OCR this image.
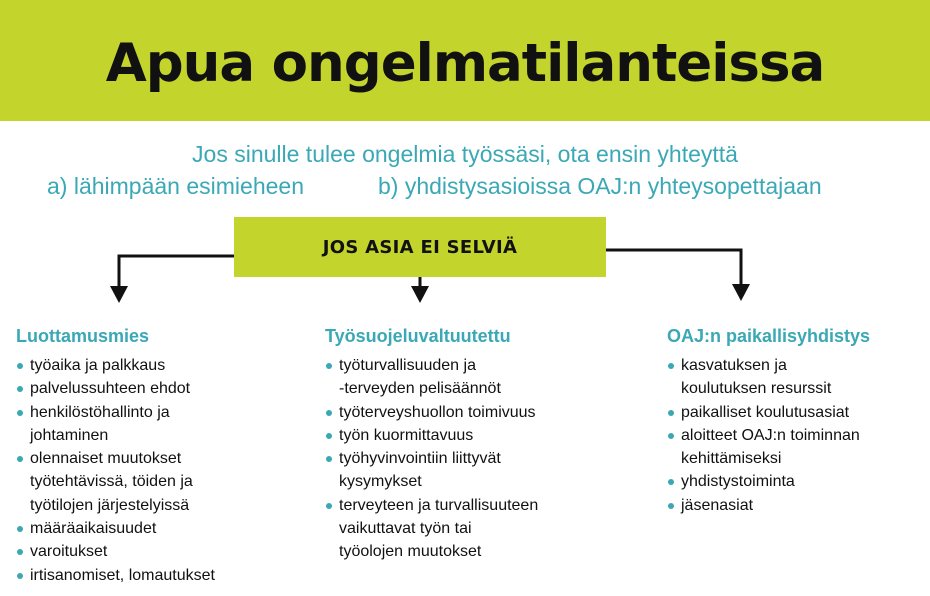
Apua ongelmatilanteissa
Jos sinulle tulee ongelmia työssäsi, ota ensin yhteyttä
a) lähimpään esimieheen	b) yhdistysasioissa OAJ:n yhteysopettajaan
JOS ASIA EI SELVIÄ
Luottamusmies
työaika ja palkkaus
palvelussuhteen ehdot
henkilöstöhallinto ja
johtaminen
olennaiset muutokset
työtehtävissä, töiden ja
työtilojen järjestelyissä
määräaikaisuudet
varoitukset
irtisanomiset, lomautukset
Työsuojeluvaltuutettu
työturvallisuuden ja
-terveyden pelisäännöt
työterveyshuollon toimivuus
työn kuormittavuus
työhyvinvointiin liittyvät
kysymykset
terveyteen ja turvallisuuteen
vaikuttavat työn tai
työolojen muutokset
OAJ:n paikallisyhdistys
kasvatuksen ja
koulutuksen resurssit
paikalliset koulutusasiat
aloitteet OAJ:n toiminnan
kehittämiseksi
yhdistystoiminta
jäsenasiat
